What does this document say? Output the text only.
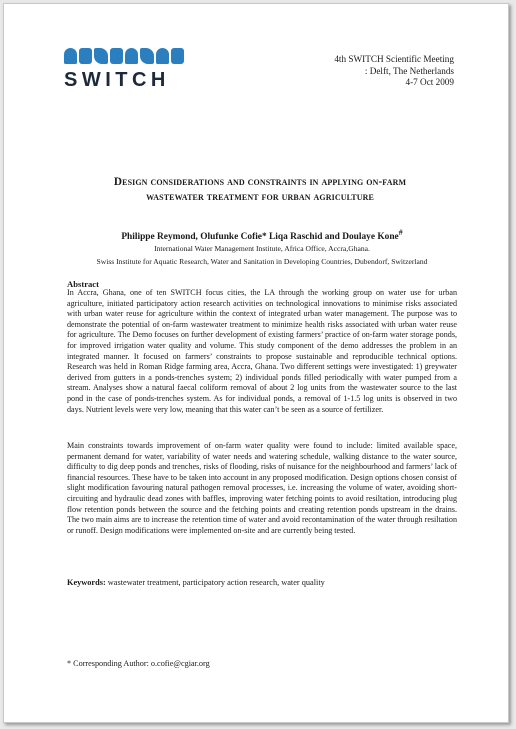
SWITCH
4th SWITCH Scientific Meeting
: Delft, The Netherlands
4-7 Oct 2009
Design considerations and constraints in applying on-farm wastewater treatment for urban agriculture
Philippe Reymond, Olufunke Cofie* Liqa Raschid and Doulaye Kone#
International Water Management Institute, Africa Office, Accra,Ghana.
Swiss Institute for Aquatic Research, Water and Sanitation in Developing Countries, Dubendorf, Switzerland
Abstract

In Accra, Ghana, one of ten SWITCH focus cities, the LA through the working group on water use for urban agriculture, initiated participatory action research activities on technological innovations to minimise risks associated with urban water reuse for agriculture within the context of integrated urban water management. The purpose was to demonstrate the potential of on-farm wastewater treatment to minimize health risks associated with urban water reuse for agriculture. The Demo focuses on further development of existing farmers’ practice of on-farm water storage ponds, for improved irrigation water quality and volume. This study component of the demo addresses the problem in an integrated manner. It focused on farmers’ constraints to propose sustainable and reproducible technical options. Research was held in Roman Ridge farming area, Accra, Ghana. Two different settings were investigated: 1) greywater derived from gutters in a ponds-trenches system; 2) individual ponds filled periodically with water pumped from a stream. Analyses show a natural faecal coliform removal of about 2 log units from the wastewater source to the last pond in the case of ponds-trenches system. As for individual ponds, a removal of 1-1.5 log units is observed in two days. Nutrient levels were very low, meaning that this water can’t be seen as a source of fertilizer.

Main constraints towards improvement of on-farm water quality were found to include: limited available space, permanent demand for water, variability of water needs and watering schedule, walking distance to the water source, difficulty to dig deep ponds and trenches, risks of flooding, risks of nuisance for the neighbourhood and farmers’ lack of financial resources. These have to be taken into account in any proposed modification. Design options chosen consist of slight modification favouring natural pathogen removal processes, i.e. increasing the volume of water, avoiding short-circuiting and hydraulic dead zones with baffles, improving water fetching points to avoid resiltation, introducing plug flow retention ponds between the source and the fetching points and creating retention ponds upstream in the drains. The two main aims are to increase the retention time of water and avoid recontamination of the water through resiltation or runoff. Design modifications were implemented on-site and are currently being tested.

Keywords: wastewater treatment, participatory action research, water quality
* Corresponding Author: o.cofie@cgiar.org
